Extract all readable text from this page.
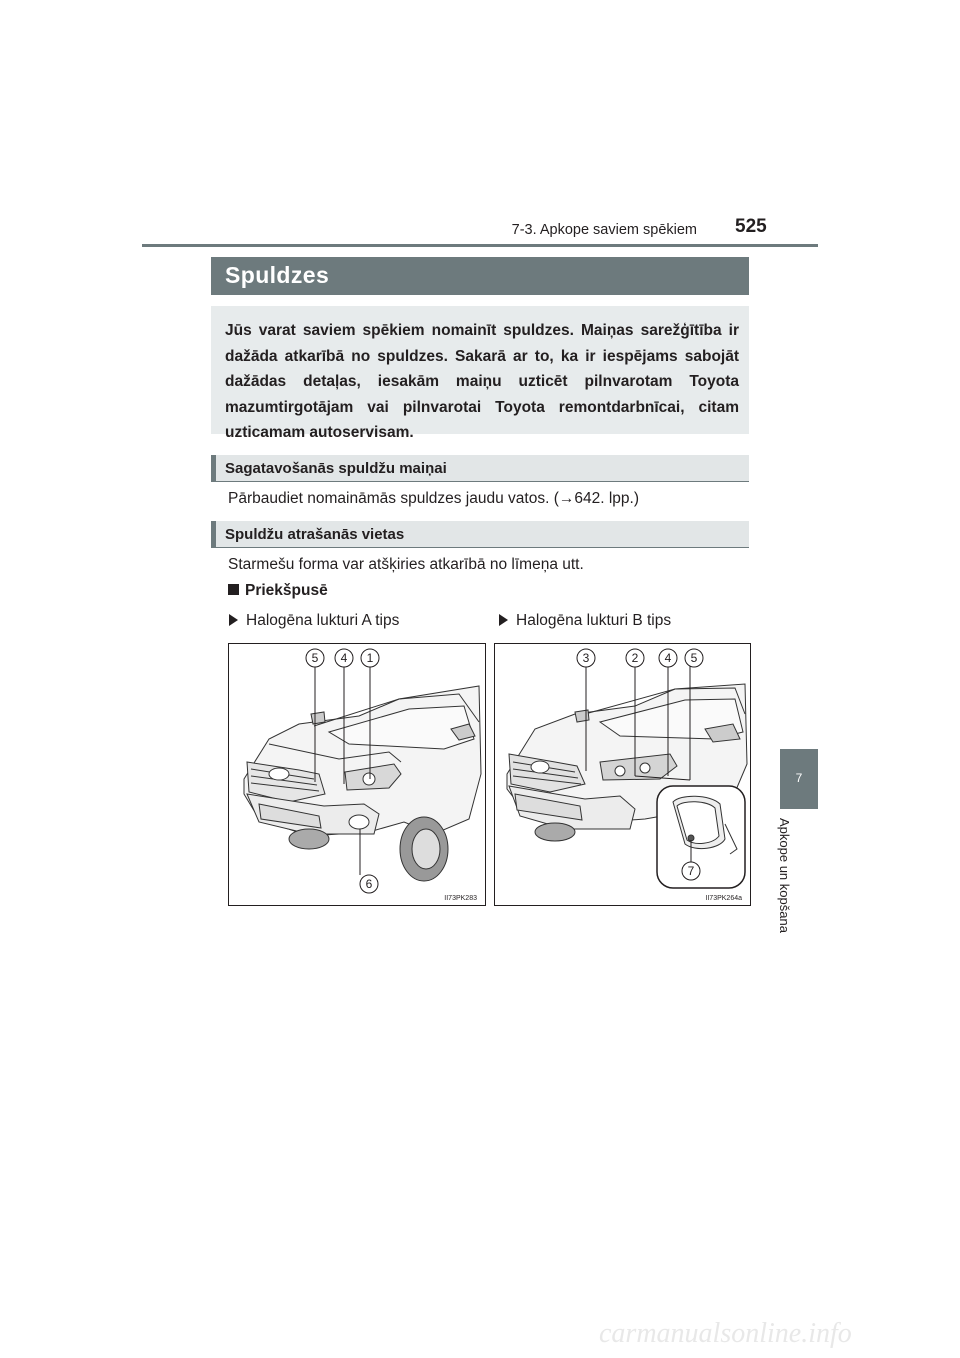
7-3. Apkope saviem spēkiem 525
Spuldzes
Jūs varat saviem spēkiem nomainīt spuldzes. Maiņas sarežģītība ir dažāda atkarībā no spuldzes. Sakarā ar to, ka ir iespējams sabojāt dažādas detaļas, iesakām maiņu uzticēt pilnvarotam Toyota mazumtirgotājam vai pilnvarotai Toyota remontdarbnīcai, citam uzticamam autoservisam.
Sagatavošanās spuldžu maiņai
Pārbaudiet nomaināmās spuldzes jaudu vatos. (→642. lpp.)
Spuldžu atrašanās vietas
Starmešu forma var atšķiries atkarībā no līmeņa utt.
Priekšpusē
Halogēna lukturi A tips	Halogēna lukturi B tips
5 4 1
6
II73PK283
3	2 4 5
7
II73PK264a
7
Apkope un kopšana
carmanualsonline.info
